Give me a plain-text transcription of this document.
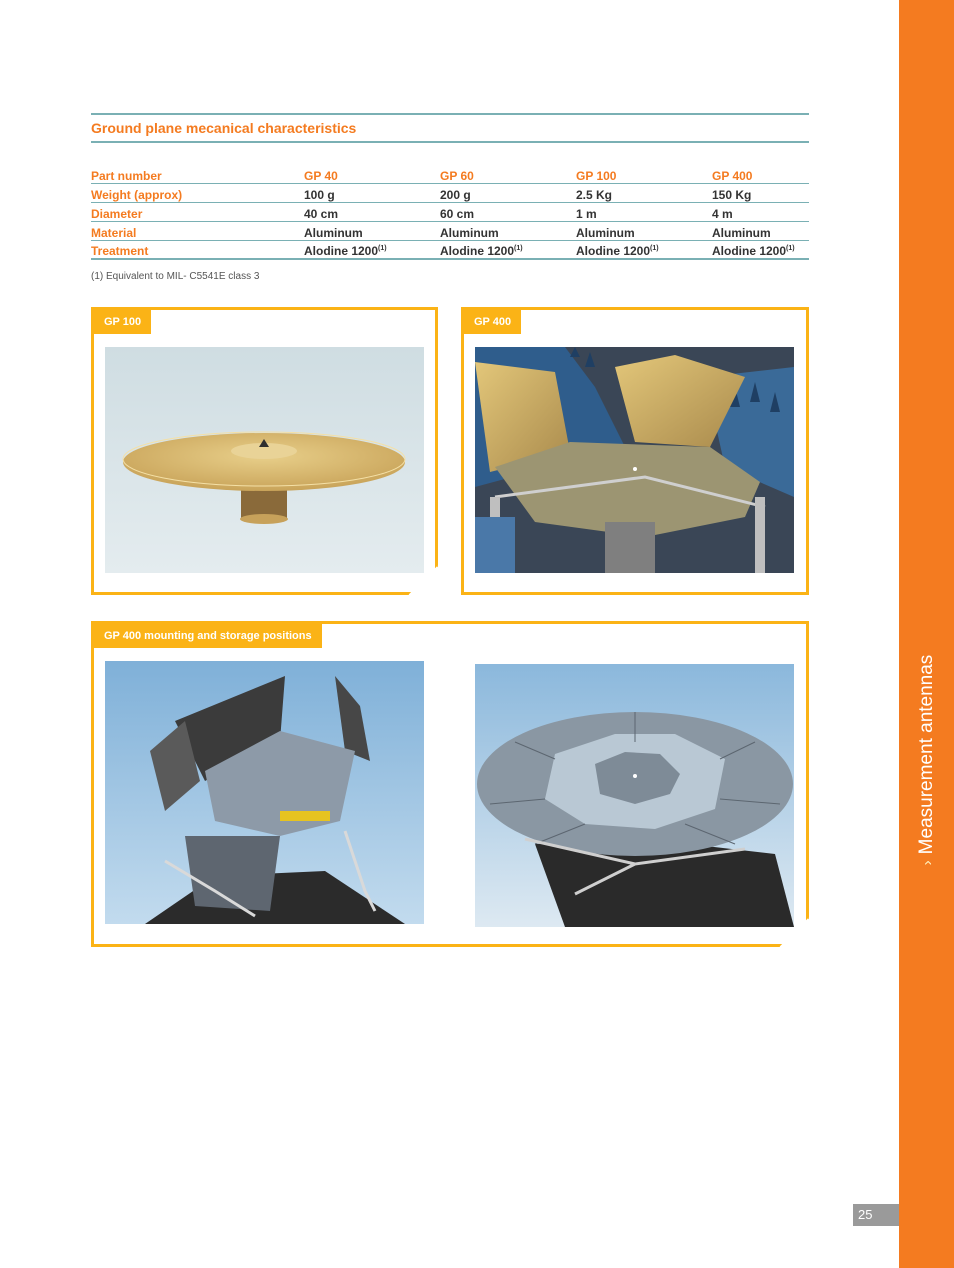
›
Measurement antennas
25
Ground plane mecanical characteristics
Part number	GP 40	GP 60	GP 100	GP 400
Weight (approx)	100 g	200 g	2.5 Kg	150 Kg
Diameter	40 cm	60 cm	1 m	4 m
Material	Aluminum	Aluminum	Aluminum	Aluminum
Treatment	Alodine 1200$^{(1)}$	Alodine 1200$^{(1)}$	Alodine 1200$^{(1)}$	Alodine 1200$^{(1)}$
(1) Equivalent to MIL- C5541E class 3
GP 100	GP 400
GP 400 mounting and storage positions
